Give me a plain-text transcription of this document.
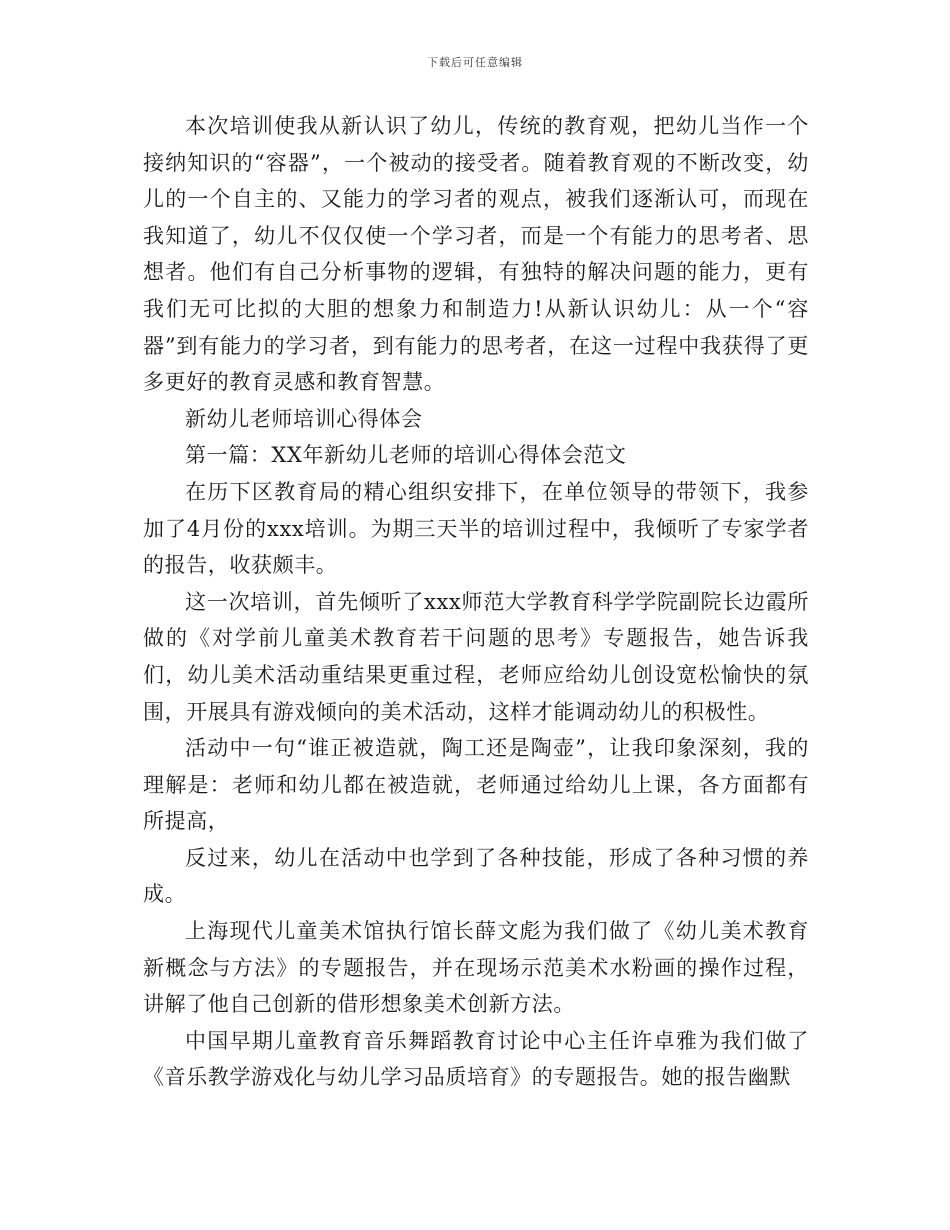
下载后可任意编辑

本次培训使我从新认识了幼儿，传统的教育观，把幼儿当作一个接纳知识的“容器”，一个被动的接受者。随着教育观的不断改变，幼儿的一个自主的、又能力的学习者的观点，被我们逐渐认可，而现在我知道了，幼儿不仅仅使一个学习者，而是一个有能力的思考者、思想者。他们有自己分析事物的逻辑，有独特的解决问题的能力，更有我们无可比拟的大胆的想象力和制造力!从新认识幼儿：从一个“容器”到有能力的学习者，到有能力的思考者，在这一过程中我获得了更多更好的教育灵感和教育智慧。

新幼儿老师培训心得体会

第一篇：XX年新幼儿老师的培训心得体会范文

在历下区教育局的精心组织安排下，在单位领导的带领下，我参加了4月份的xxx培训。为期三天半的培训过程中，我倾听了专家学者的报告，收获颇丰。

这一次培训，首先倾听了xxx师范大学教育科学学院副院长边霞所做的《对学前儿童美术教育若干问题的思考》专题报告，她告诉我们，幼儿美术活动重结果更重过程，老师应给幼儿创设宽松愉快的氛围，开展具有游戏倾向的美术活动，这样才能调动幼儿的积极性。

活动中一句“谁正被造就，陶工还是陶壶”，让我印象深刻，我的理解是：老师和幼儿都在被造就，老师通过给幼儿上课，各方面都有所提高，

反过来，幼儿在活动中也学到了各种技能，形成了各种习惯的养成。

上海现代儿童美术馆执行馆长薛文彪为我们做了《幼儿美术教育新概念与方法》的专题报告，并在现场示范美术水粉画的操作过程，讲解了他自己创新的借形想象美术创新方法。

中国早期儿童教育音乐舞蹈教育讨论中心主任许卓雅为我们做了《音乐教学游戏化与幼儿学习品质培育》的专题报告。她的报告幽默
